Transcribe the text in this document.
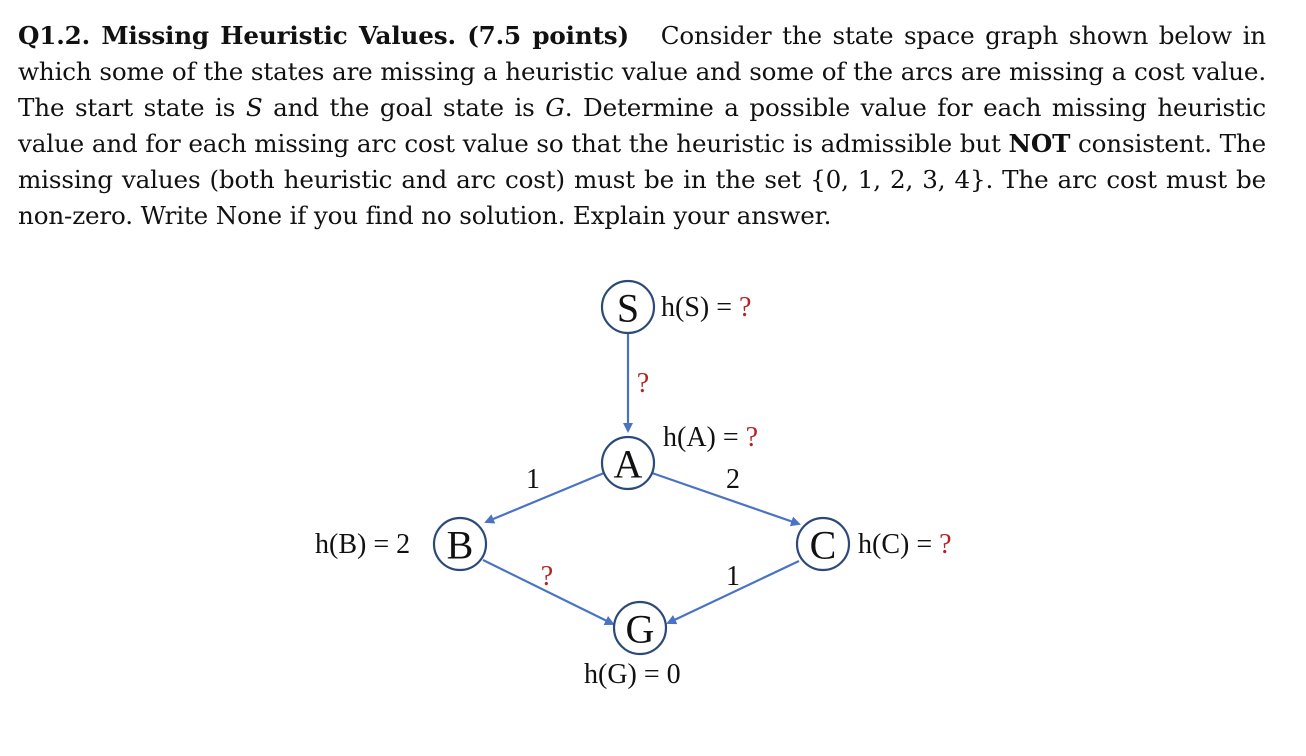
Q1.2. Missing Heuristic Values. (7.5 points) Consider the state space graph shown below in which some of the states are missing a heuristic value and some of the arcs are missing a cost value. The start state is S and the goal state is G. Determine a possible value for each missing heuristic value and for each missing arc cost value so that the heuristic is admissible but NOT consistent. The missing values (both heuristic and arc cost) must be in the set {0, 1, 2, 3, 4}. The arc cost must be non-zero. Write None if you find no solution. Explain your answer.
?
1	2
?	1
S h(S) = ?
A
h(A) = ?
B
h(B) = 2	C h(C) = ?
G
h(G) = 0
